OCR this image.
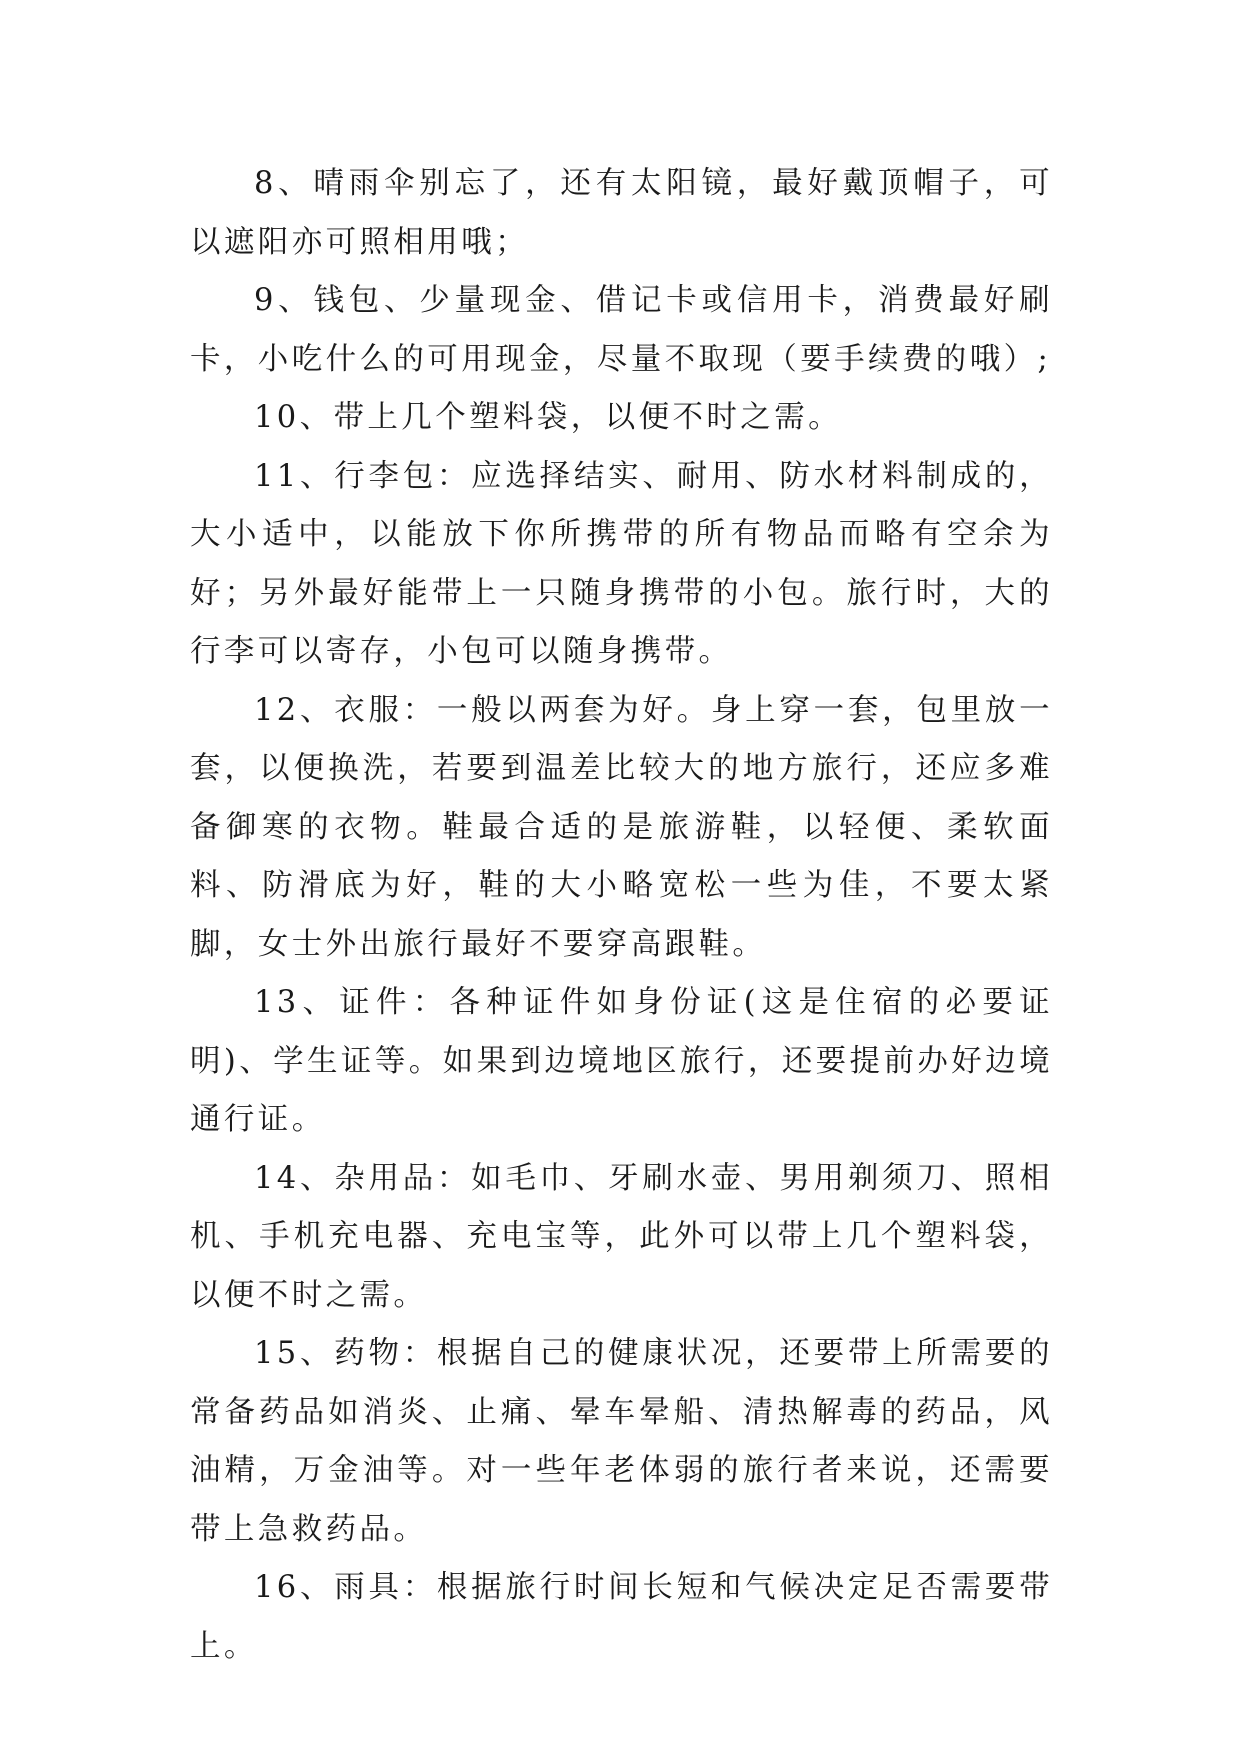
8、晴雨伞别忘了，还有太阳镜，最好戴顶帽子，可以遮阳亦可照相用哦；

9、钱包、少量现金、借记卡或信用卡，消费最好刷卡，小吃什么的可用现金，尽量不取现（要手续费的哦）;

10、带上几个塑料袋，以便不时之需。

11、行李包：应选择结实、耐用、防水材料制成的，大小适中，以能放下你所携带的所有物品而略有空余为好；另外最好能带上一只随身携带的小包。旅行时，大的行李可以寄存，小包可以随身携带。

12、衣服：一般以两套为好。身上穿一套，包里放一套，以便换洗，若要到温差比较大的地方旅行，还应多难备御寒的衣物。鞋最合适的是旅游鞋，以轻便、柔软面料、防滑底为好，鞋的大小略宽松一些为佳，不要太紧脚，女士外出旅行最好不要穿高跟鞋。

13、证件：各种证件如身份证(这是住宿的必要证明)、学生证等。如果到边境地区旅行，还要提前办好边境通行证。

14、杂用品：如毛巾、牙刷水壶、男用剃须刀、照相机、手机充电器、充电宝等，此外可以带上几个塑料袋，以便不时之需。

15、药物：根据自己的健康状况，还要带上所需要的常备药品如消炎、止痛、晕车晕船、清热解毒的药品，风油精，万金油等。对一些年老体弱的旅行者来说，还需要带上急救药品。

16、雨具：根据旅行时间长短和气候决定足否需要带上。
